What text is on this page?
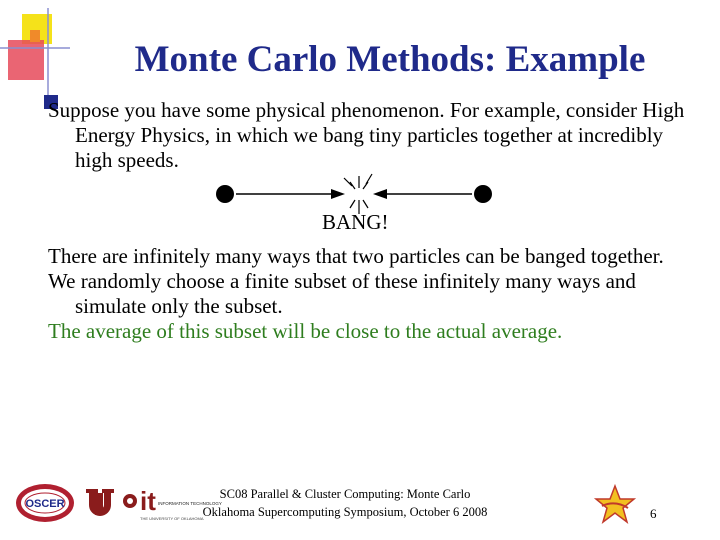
Monte Carlo Methods: Example

Suppose you have some physical phenomenon. For example, consider High Energy Physics, in which we bang tiny particles together at incredibly high speeds.

BANG!

There are infinitely many ways that two particles can be banged together.

We randomly choose a finite subset of these infinitely many ways and simulate only the subset.

The average of this subset will be close to the actual average.

OSCER	it INFORMATION TECHNOLOGY
THE UNIVERSITY OF OKLAHOMA
SC08 Parallel & Cluster Computing: Monte Carlo
Oklahoma Supercomputing Symposium, October 6 2008	6
